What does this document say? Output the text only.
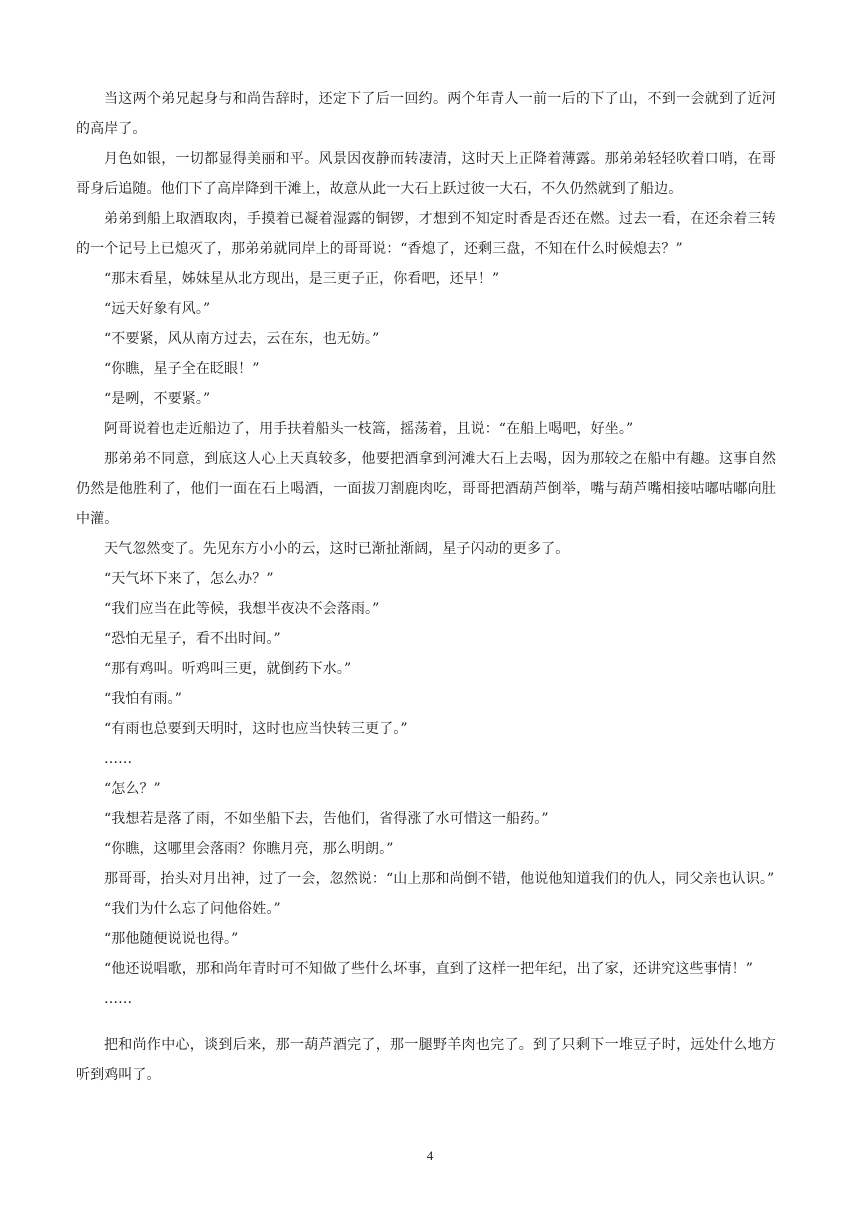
当这两个弟兄起身与和尚告辞时，还定下了后一回约。两个年青人一前一后的下了山，不到一会就到了近河的高岸了。

月色如银，一切都显得美丽和平。风景因夜静而转凄清，这时天上正降着薄露。那弟弟轻轻吹着口哨，在哥哥身后追随。他们下了高岸降到干滩上，故意从此一大石上跃过彼一大石，不久仍然就到了船边。

弟弟到船上取酒取肉，手摸着已凝着湿露的铜锣，才想到不知定时香是否还在燃。过去一看，在还余着三转的一个记号上已熄灭了，那弟弟就同岸上的哥哥说：“香熄了，还剩三盘，不知在什么时候熄去？”

“那末看星，姊妹星从北方现出，是三更子正，你看吧，还早！”

“远天好象有风。”

“不要紧，风从南方过去，云在东，也无妨。”

“你瞧，星子全在眨眼！”

“是咧，不要紧。”

阿哥说着也走近船边了，用手扶着船头一枝篙，摇荡着，且说：“在船上喝吧，好坐。”

那弟弟不同意，到底这人心上天真较多，他要把酒拿到河滩大石上去喝，因为那较之在船中有趣。这事自然仍然是他胜利了，他们一面在石上喝酒，一面拔刀割鹿肉吃，哥哥把酒葫芦倒举，嘴与葫芦嘴相接咕嘟咕嘟向肚中灌。

天气忽然变了。先见东方小小的云，这时已渐扯渐阔，星子闪动的更多了。

“天气坏下来了，怎么办？”

“我们应当在此等候，我想半夜决不会落雨。”

“恐怕无星子，看不出时间。”

“那有鸡叫。听鸡叫三更，就倒药下水。”

“我怕有雨。”

“有雨也总要到天明时，这时也应当快转三更了。”

……

“怎么？”

“我想若是落了雨，不如坐船下去，告他们，省得涨了水可惜这一船药。”

“你瞧，这哪里会落雨？你瞧月亮，那么明朗。”

那哥哥，抬头对月出神，过了一会，忽然说：“山上那和尚倒不错，他说他知道我们的仇人，同父亲也认识。”

“我们为什么忘了问他俗姓。”

“那他随便说说也得。”

“他还说唱歌，那和尚年青时可不知做了些什么坏事，直到了这样一把年纪，出了家，还讲究这些事情！”

……

把和尚作中心，谈到后来，那一葫芦酒完了，那一腿野羊肉也完了。到了只剩下一堆豆子时，远处什么地方听到鸡叫了。

4
